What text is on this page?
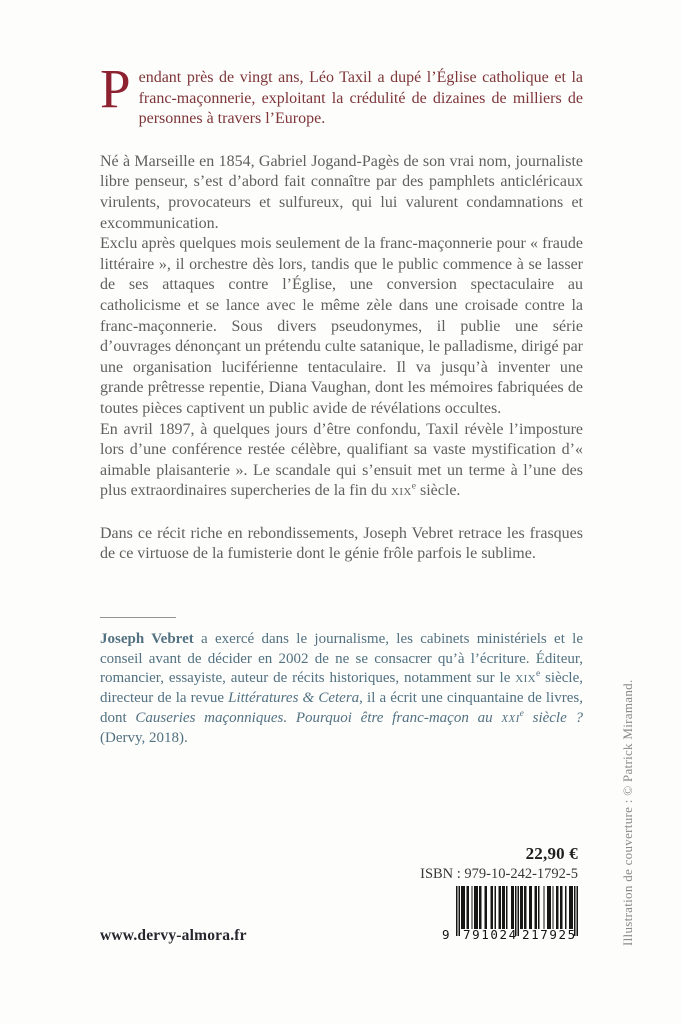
Pendant près de vingt ans, Léo Taxil a dupé l’Église catholique et la franc-maçonnerie, exploitant la crédulité de dizaines de milliers de personnes à travers l’Europe.

Né à Marseille en 1854, Gabriel Jogand-Pagès de son vrai nom, journaliste libre penseur, s’est d’abord fait connaître par des pamphlets anticléricaux virulents, provocateurs et sulfureux, qui lui valurent condamnations et excommunication.

Exclu après quelques mois seulement de la franc-maçonnerie pour « fraude littéraire », il orchestre dès lors, tandis que le public commence à se lasser de ses attaques contre l’Église, une conversion spectaculaire au catholicisme et se lance avec le même zèle dans une croisade contre la franc-maçonnerie. Sous divers pseudonymes, il publie une série d’ouvrages dénonçant un prétendu culte satanique, le palladisme, dirigé par une organisation luciférienne tentaculaire. Il va jusqu’à inventer une grande prêtresse repentie, Diana Vaughan, dont les mémoires fabriquées de toutes pièces captivent un public avide de révélations occultes.

En avril 1897, à quelques jours d’être confondu, Taxil révèle l’imposture lors d’une conférence restée célèbre, qualifiant sa vaste mystification d’« aimable plaisanterie ». Le scandale qui s’ensuit met un terme à l’une des plus extraordinaires supercheries de la fin du xix$^e$ siècle.

Dans ce récit riche en rebondissements, Joseph Vebret retrace les frasques de ce virtuose de la fumisterie dont le génie frôle parfois le sublime.

Joseph Vebret a exercé dans le journalisme, les cabinets ministériels et le conseil avant de décider en 2002 de ne se consacrer qu’à l’écriture. Éditeur, romancier, essayiste, auteur de récits historiques, notamment sur le xix$^e$ siècle, directeur de la revue Littératures & Cetera, il a écrit une cinquantaine de livres, dont Causeries maçonniques. Pourquoi être franc-maçon au xxi$^e$ siècle ? (Dervy, 2018).

22,90 €
ISBN : 979-10-242-1792-5
9 791024 217925
www.dervy-almora.fr	Illustration de couverture : © Patrick Miramand.
